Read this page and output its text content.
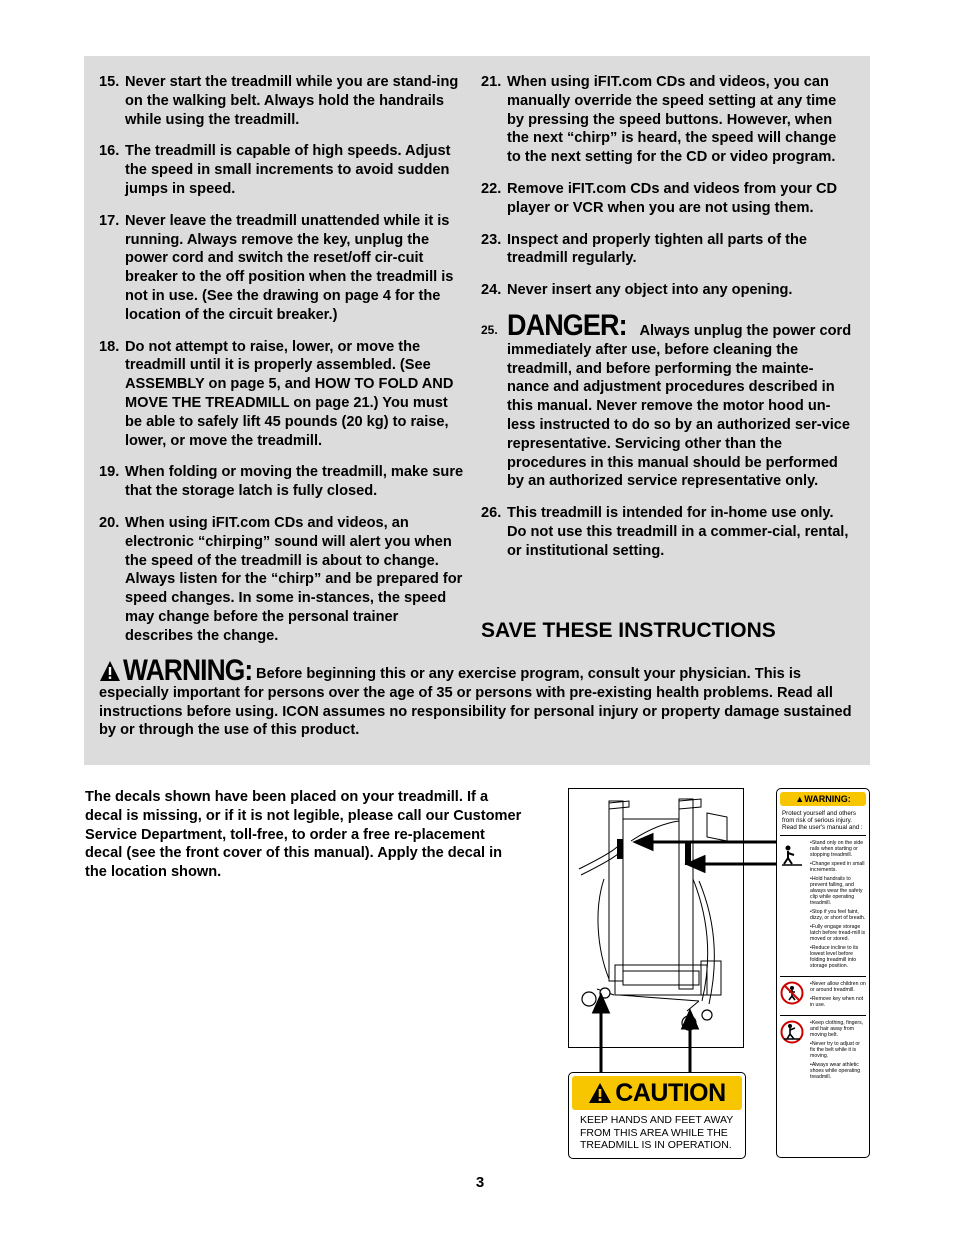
15. Never start the treadmill while you are stand-ing on the walking belt. Always hold the handrails while using the treadmill.
16. The treadmill is capable of high speeds. Adjust the speed in small increments to avoid sudden jumps in speed.
17. Never leave the treadmill unattended while it is running. Always remove the key, unplug the power cord and switch the reset/off cir-cuit breaker to the off position when the treadmill is not in use. (See the drawing on page 4 for the location of the circuit breaker.)
18. Do not attempt to raise, lower, or move the treadmill until it is properly assembled. (See ASSEMBLY on page 5, and HOW TO FOLD AND MOVE THE TREADMILL on page 21.) You must be able to safely lift 45 pounds (20 kg) to raise, lower, or move the treadmill.
19. When folding or moving the treadmill, make sure that the storage latch is fully closed.
20. When using iFIT.com CDs and videos, an electronic “chirping” sound will alert you when the speed of the treadmill is about to change. Always listen for the “chirp” and be prepared for speed changes. In some in-stances, the speed may change before the personal trainer describes the change.
21. When using iFIT.com CDs and videos, you can manually override the speed setting at any time by pressing the speed buttons. However, when the next “chirp” is heard, the speed will change to the next setting for the CD or video program.
22. Remove iFIT.com CDs and videos from your CD player or VCR when you are not using them.
23. Inspect and properly tighten all parts of the treadmill regularly.
24. Never insert any object into any opening.
25. DANGER: Always unplug the power cord immediately after use, before cleaning the treadmill, and before performing the mainte-nance and adjustment procedures described in this manual. Never remove the motor hood un-less instructed to do so by an authorized ser-vice representative. Servicing other than the procedures in this manual should be performed by an authorized service representative only.
26. This treadmill is intended for in-home use only. Do not use this treadmill in a commer-cial, rental, or institutional setting.
SAVE THESE INSTRUCTIONS
WARNING: Before beginning this or any exercise program, consult your physician. This is especially important for persons over the age of 35 or persons with pre-existing health problems. Read all instructions before using. ICON assumes no responsibility for personal injury or property damage sustained by or through the use of this product.
The decals shown have been placed on your treadmill. If a decal is missing, or if it is not legible, please call our Customer Service Department, toll-free, to order a free re-placement decal (see the front cover of this manual). Apply the decal in the location shown.
▲WARNING:
Protect yourself and others from risk of serious injury. Read the user's manual and :
•Stand only on the side rails when starting or stopping treadmill.
•Change speed in small increments.
•Hold handrails to prevent falling, and always wear the safety clip while operating treadmill.
•Stop if you feel faint, dizzy, or short of breath.
•Fully engage storage latch before tread-mill is moved or stored.
•Reduce incline to its lowest level before folding treadmill into storage position.
•Never allow children on or around treadmill.
•Remove key when not in use.
•Keep clothing, fingers, and hair away from moving belt.
•Never try to adjust or fix the belt while it is moving.
•Always wear athletic shoes while operating treadmill.
CAUTION
KEEP HANDS AND FEET AWAY
FROM THIS AREA WHILE THE
TREADMILL IS IN OPERATION.
3
